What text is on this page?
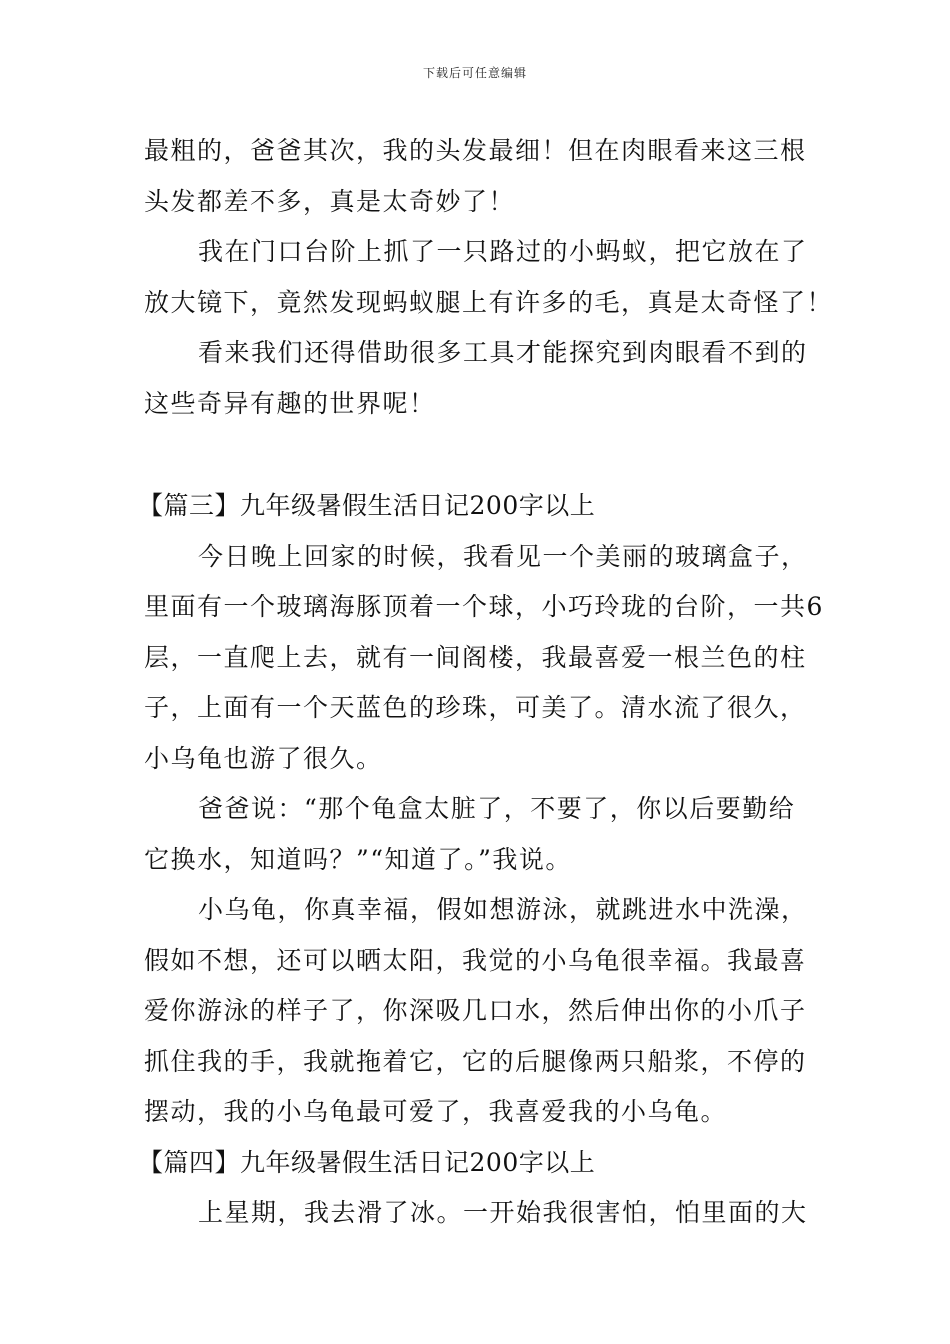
下载后可任意编辑
最粗的，爸爸其次，我的头发最细！但在肉眼看来这三根
头发都差不多，真是太奇妙了！
我在门口台阶上抓了一只路过的小蚂蚁，把它放在了
放大镜下，竟然发现蚂蚁腿上有许多的毛，真是太奇怪了！
看来我们还得借助很多工具才能探究到肉眼看不到的
这些奇异有趣的世界呢！
【篇三】九年级暑假生活日记200字以上
今日晚上回家的时候，我看见一个美丽的玻璃盒子，
里面有一个玻璃海豚顶着一个球，小巧玲珑的台阶，一共6
层，一直爬上去，就有一间阁楼，我最喜爱一根兰色的柱
子，上面有一个天蓝色的珍珠，可美了。清水流了很久，
小乌龟也游了很久。
爸爸说：“那个龟盒太脏了，不要了，你以后要勤给
它换水，知道吗？”“知道了。”我说。
小乌龟，你真幸福，假如想游泳，就跳进水中洗澡，
假如不想，还可以晒太阳，我觉的小乌龟很幸福。我最喜
爱你游泳的样子了，你深吸几口水，然后伸出你的小爪子
抓住我的手，我就拖着它，它的后腿像两只船浆，不停的
摆动，我的小乌龟最可爱了，我喜爱我的小乌龟。
【篇四】九年级暑假生活日记200字以上
上星期，我去滑了冰。一开始我很害怕，怕里面的大
